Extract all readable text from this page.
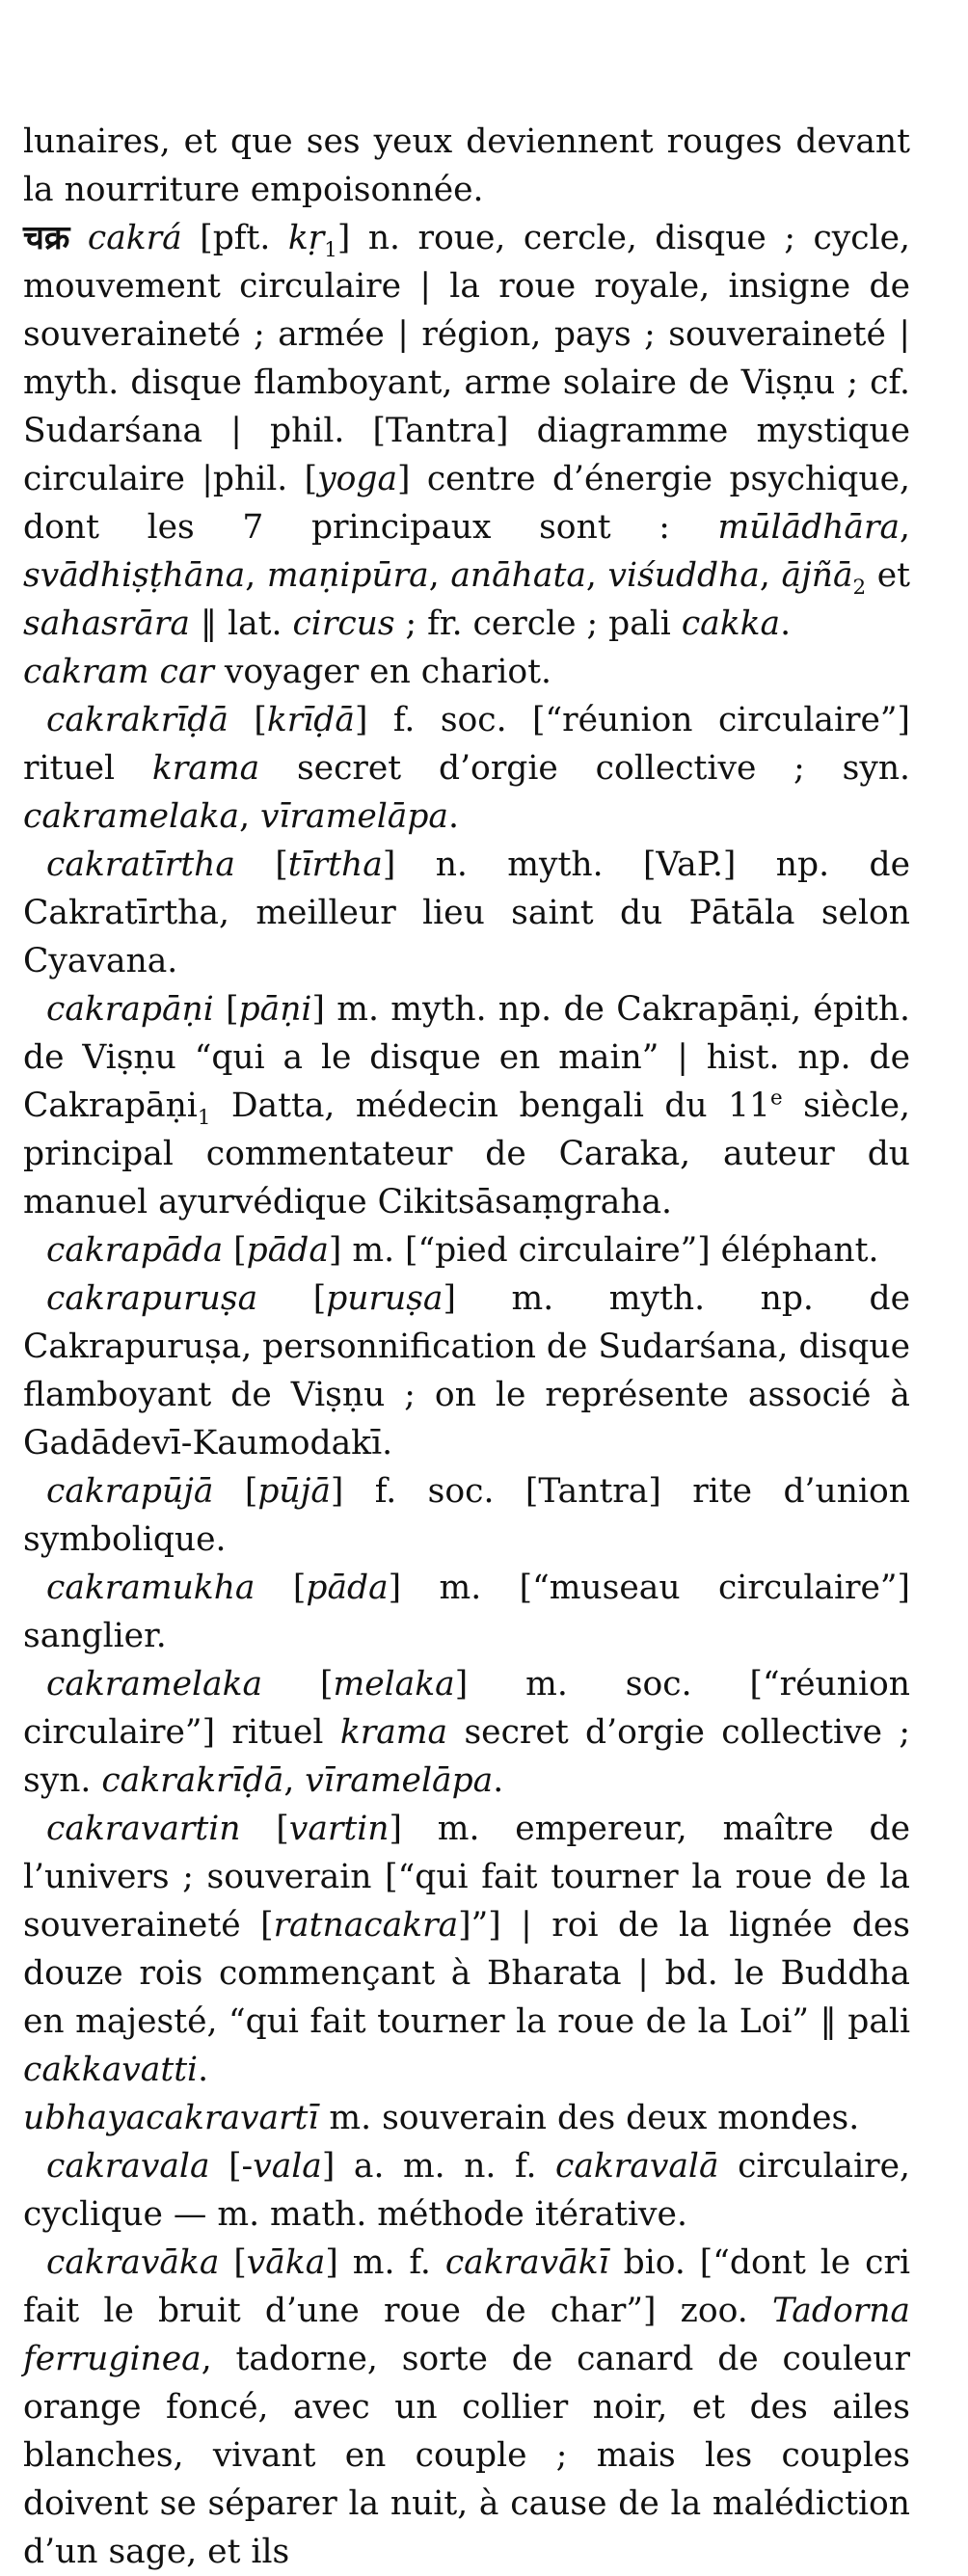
lunaires, et que ses yeux deviennent rouges devant la nourriture empoisonnée.

चक्र cakrá [pft. kṛ$_1$] n. roue, cercle, disque ; cycle, mouvement circulaire | la roue royale, insigne de souveraineté ; armée | région, pays ; souveraineté | myth. disque flamboyant, arme solaire de Viṣṇu ; cf. Sudarśana | phil. [Tantra] diagramme mystique circulaire |phil. [yoga] centre d’énergie psychique, dont les 7 principaux sont : mūlādhāra, svādhiṣṭhāna, maṇipūra, anāhata, viśuddha, ājñā$_2$ et sahasrāra ‖ lat. circus ; fr. cercle ; pali cakka.

cakram car voyager en chariot.

cakrakrīḍā [krīḍā] f. soc. [“réunion circulaire”] rituel krama secret d’orgie collective ; syn. cakramelaka, vīramelāpa.

cakratīrtha [tīrtha] n. myth. [VaP.] np. de Cakratīrtha, meilleur lieu saint du Pātāla selon Cyavana.

cakrapāṇi [pāṇi] m. myth. np. de Cakrapāṇi, épith. de Viṣṇu “qui a le disque en main” | hist. np. de Cakrapāṇi$_1$ Datta, médecin bengali du 11e siècle, principal commentateur de Caraka, auteur du manuel ayurvédique Cikitsāsaṃgraha.

cakrapāda [pāda] m. [“pied circulaire”] éléphant.

cakrapuruṣa [puruṣa] m. myth. np. de Cakrapuruṣa, personnification de Sudarśana, disque flamboyant de Viṣṇu ; on le représente associé à Gadādevī-Kaumodakī.

cakrapūjā [pūjā] f. soc. [Tantra] rite d’union symbolique.

cakramukha [pāda] m. [“museau circulaire”] sanglier.

cakramelaka [melaka] m. soc. [“réunion circulaire”] rituel krama secret d’orgie collective ; syn. cakrakrīḍā, vīramelāpa.

cakravartin [vartin] m. empereur, maître de l’univers ; souverain [“qui fait tourner la roue de la souveraineté [ratnacakra]”] | roi de la lignée des douze rois commençant à Bharata | bd. le Buddha en majesté, “qui fait tourner la roue de la Loi” ‖ pali cakkavatti.

ubhayacakravartī m. souverain des deux mondes.

cakravala [-vala] a. m. n. f. cakravalā circulaire, cyclique — m. math. méthode itérative.

cakravāka [vāka] m. f. cakravākī bio. [“dont le cri fait le bruit d’une roue de char”] zoo. Tadorna ferruginea, tadorne, sorte de canard de couleur orange foncé, avec un collier noir, et des ailes blanches, vivant en couple ; mais les couples doivent se séparer la nuit, à cause de la malédiction d’un sage, et ils
